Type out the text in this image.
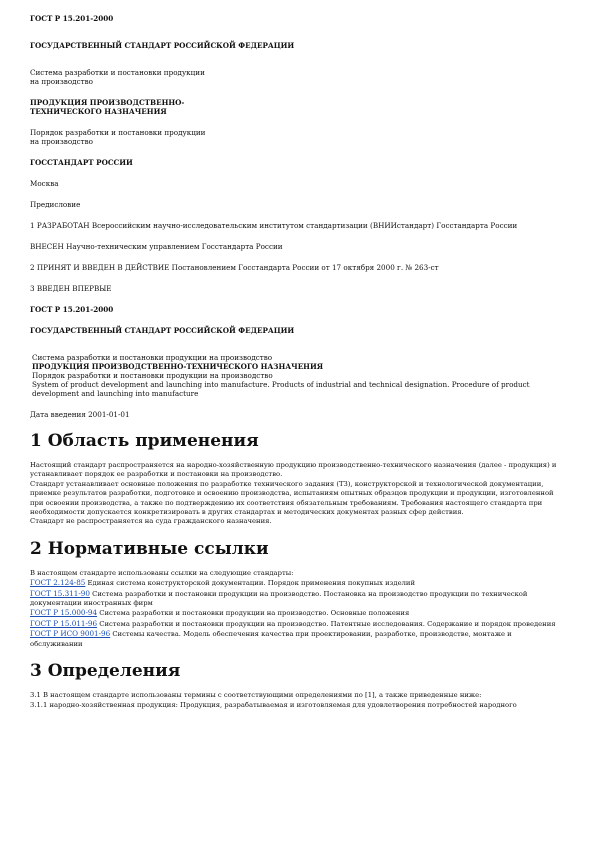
ГОСТ Р 15.201-2000

ГОСУДАРСТВЕННЫЙ СТАНДАРТ РОССИЙСКОЙ ФЕДЕРАЦИИ

Система разработки и постановки продукции

на производство

ПРОДУКЦИЯ ПРОИЗВОДСТВЕННО-

ТЕХНИЧЕСКОГО НАЗНАЧЕНИЯ

Порядок разработки и постановки продукции

на производство

ГОССТАНДАРТ РОССИИ

Москва

Предисловие

1 РАЗРАБОТАН Всероссийским научно-исследовательским институтом стандартизации (ВНИИстандарт) Госстандарта России

ВНЕСЕН Научно-техническим управлением Госстандарта России

2 ПРИНЯТ И ВВЕДЕН В ДЕЙСТВИЕ Постановлением Госстандарта России от 17 октября 2000 г. № 263-ст

3 ВВЕДЕН ВПЕРВЫЕ

ГОСТ Р 15.201-2000

ГОСУДАРСТВЕННЫЙ СТАНДАРТ РОССИЙСКОЙ ФЕДЕРАЦИИ

Система разработки и постановки продукции на производство

ПРОДУКЦИЯ ПРОИЗВОДСТВЕННО-ТЕХНИЧЕСКОГО НАЗНАЧЕНИЯ

Порядок разработки и постановки продукции на производство

System of product development and launching into manufacture. Products of industrial and technical designation. Procedure of product development and launching into manufacture

Дата введения 2001-01-01

1 Область применения

Настоящий стандарт распространяется на народно-хозяйственную продукцию производственно-технического назначения (далее - продукция) и устанавливает порядок ее разработки и постановки на производство.

Стандарт устанавливает основные положения по разработке технического задания (ТЗ), конструкторской и технологической документации, приемке результатов разработки, подготовке и освоению производства, испытаниям опытных образцов продукции и продукции, изготовленной при освоении производства, а также по подтверждению их соответствия обязательным требованиям. Требования настоящего стандарта при необходимости допускается конкретизировать в других стандартах и методических документах разных сфер действия.

Стандарт не распространяется на суда гражданского назначения.

2 Нормативные ссылки

В настоящем стандарте использованы ссылки на следующие стандарты:

ГОСТ 2.124-85 Единая система конструкторской документации. Порядок применения покупных изделий

ГОСТ 15.311-90 Система разработки и постановки продукции на производство. Постановка на производство продукции по технической документации иностранных фирм

ГОСТ Р 15.000-94 Система разработки и постановки продукции на производство. Основные положения

ГОСТ Р 15.011-96 Система разработки и постановки продукции на производство. Патентные исследования. Содержание и порядок проведения

ГОСТ Р ИСО 9001-96 Системы качества. Модель обеспечения качества при проектировании, разработке, производстве, монтаже и обслуживании

3 Определения

3.1 В настоящем стандарте использованы термины с соответствующими определениями по [1], а также приведенные ниже:

3.1.1 народно-хозяйственная продукция: Продукция, разрабатываемая и изготовляемая для удовлетворения потребностей народного
